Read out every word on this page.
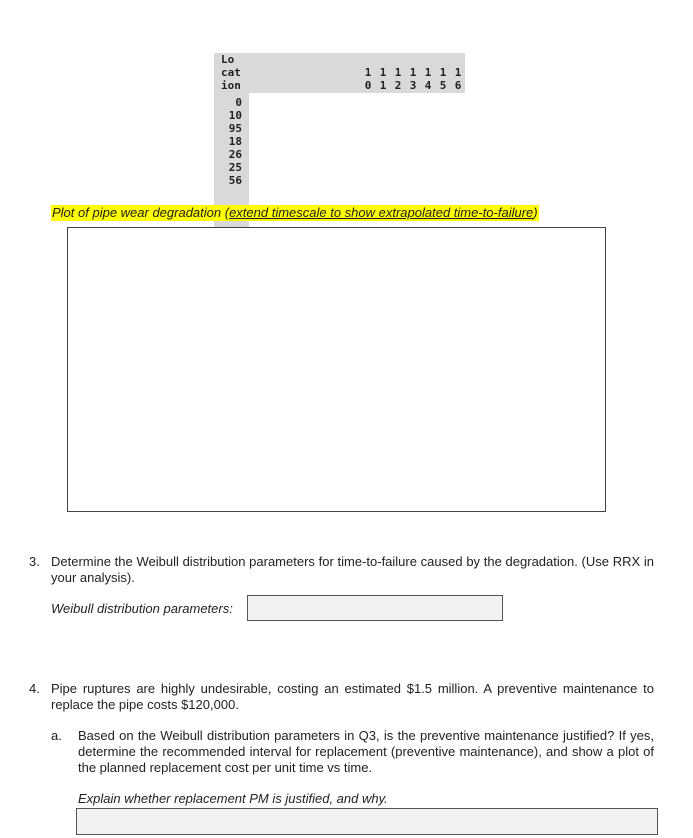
Lo
cat
ion
1
0
1
1
1
2
1
3
1
4
1
5
1
6
0
10
95
18
26
25
56
Plot of pipe wear degradation (extend timescale to show extrapolated time-to-failure)
3. Determine the Weibull distribution parameters for time-to-failure caused by the degradation. (Use RRX in your analysis).
Weibull distribution parameters:
4. Pipe ruptures are highly undesirable, costing an estimated $1.5 million. A preventive maintenance to replace the pipe costs $120,000.
a. Based on the Weibull distribution parameters in Q3, is the preventive maintenance justified? If yes, determine the recommended interval for replacement (preventive maintenance), and show a plot of the planned replacement cost per unit time vs time.
Explain whether replacement PM is justified, and why.
